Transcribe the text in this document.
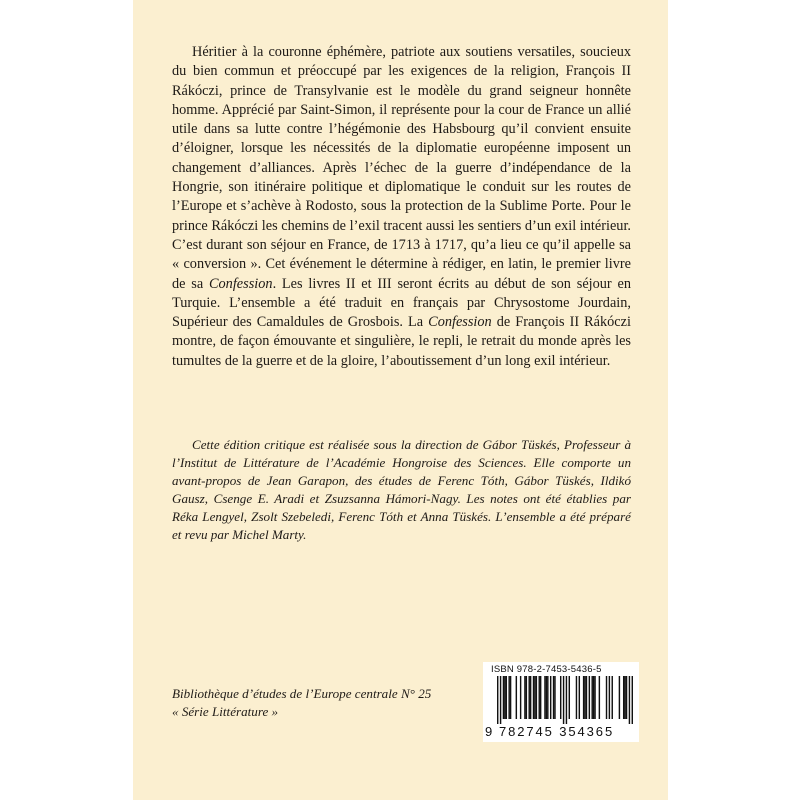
Héritier à la couronne éphémère, patriote aux soutiens versatiles, soucieux du bien commun et préoccupé par les exigences de la religion, François II Rákóczi, prince de Transylvanie est le modèle du grand seigneur honnête homme. Apprécié par Saint-Simon, il représente pour la cour de France un allié utile dans sa lutte contre l’hégémonie des Habsbourg qu’il convient ensuite d’éloigner, lorsque les nécessités de la diplomatie européenne imposent un changement d’alliances. Après l’échec de la guerre d’indépendance de la Hongrie, son itinéraire politique et diplomatique le conduit sur les routes de l’Europe et s’achève à Rodosto, sous la protection de la Sublime Porte. Pour le prince Rákóczi les chemins de l’exil tracent aussi les sentiers d’un exil intérieur. C’est durant son séjour en France, de 1713 à 1717, qu’a lieu ce qu’il appelle sa « conversion ». Cet événement le détermine à rédiger, en latin, le premier livre de sa Confession. Les livres II et III seront écrits au début de son séjour en Turquie. L’ensemble a été traduit en français par Chrysostome Jourdain, Supérieur des Camaldules de Grosbois. La Confession de François II Rákóczi montre, de façon émouvante et singulière, le repli, le retrait du monde après les tumultes de la guerre et de la gloire, l’aboutissement d’un long exil intérieur.

Cette édition critique est réalisée sous la direction de Gábor Tüskés, Professeur à l’Institut de Littérature de l’Académie Hongroise des Sciences. Elle comporte un avant-propos de Jean Garapon, des études de Ferenc Tóth, Gábor Tüskés, Ildikó Gausz, Csenge E. Aradi et Zsuzsanna Hámori-Nagy. Les notes ont été établies par Réka Lengyel, Zsolt Szebeledi, Ferenc Tóth et Anna Tüskés. L’ensemble a été préparé et revu par Michel Marty.

Bibliothèque d’études de l’Europe centrale N° 25
« Série Littérature »
ISBN 978-2-7453-5436-5
9 782745 354365
